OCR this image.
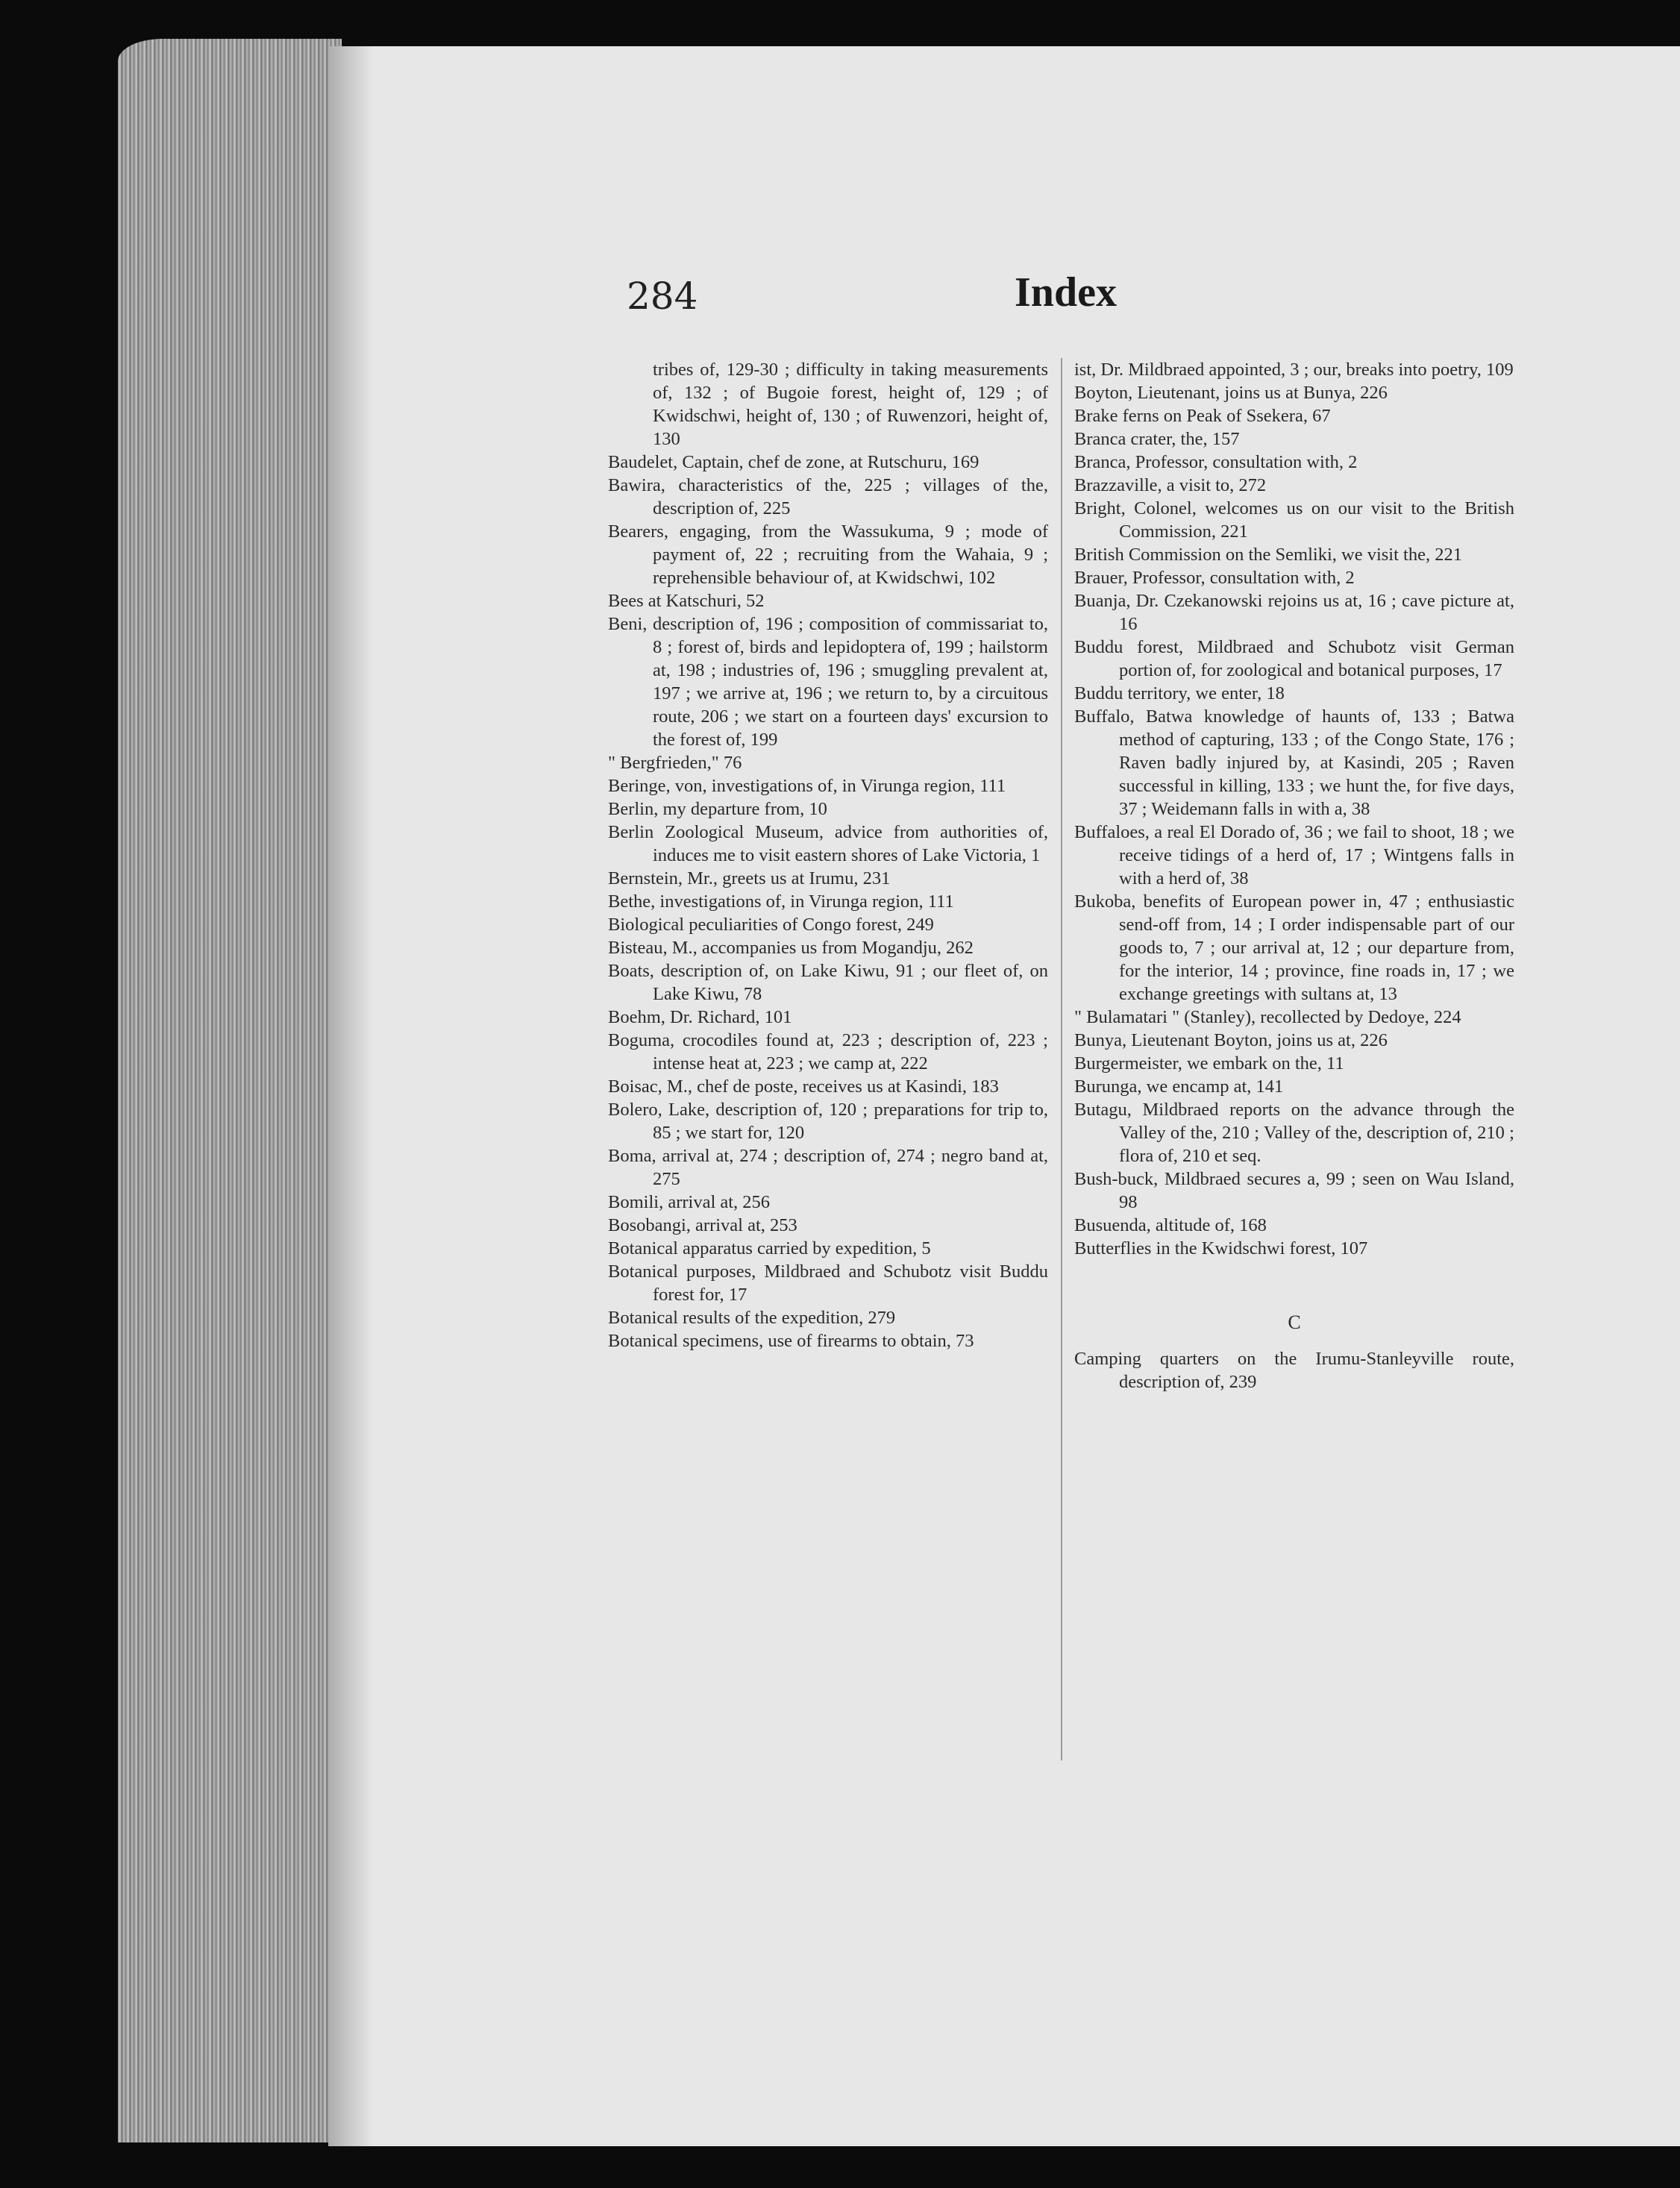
284	Index

tribes of, 129-30 ; difficulty in taking measurements of, 132 ; of Bugoie forest, height of, 129 ; of Kwidschwi, height of, 130 ; of Ruwenzori, height of, 130

Baudelet, Captain, chef de zone, at Rutschuru, 169

Bawira, characteristics of the, 225 ; villages of the, description of, 225

Bearers, engaging, from the Wassukuma, 9 ; mode of payment of, 22 ; recruiting from the Wahaia, 9 ; reprehensible behaviour of, at Kwidschwi, 102

Bees at Katschuri, 52

Beni, description of, 196 ; composition of commissariat to, 8 ; forest of, birds and lepidoptera of, 199 ; hailstorm at, 198 ; industries of, 196 ; smuggling prevalent at, 197 ; we arrive at, 196 ; we return to, by a circuitous route, 206 ; we start on a fourteen days' excursion to the forest of, 199

" Bergfrieden," 76

Beringe, von, investigations of, in Virunga region, 111

Berlin, my departure from, 10

Berlin Zoological Museum, advice from authorities of, induces me to visit eastern shores of Lake Victoria, 1

Bernstein, Mr., greets us at Irumu, 231

Bethe, investigations of, in Virunga region, 111

Biological peculiarities of Congo forest, 249

Bisteau, M., accompanies us from Mogandju, 262

Boats, description of, on Lake Kiwu, 91 ; our fleet of, on Lake Kiwu, 78

Boehm, Dr. Richard, 101

Boguma, crocodiles found at, 223 ; description of, 223 ; intense heat at, 223 ; we camp at, 222

Boisac, M., chef de poste, receives us at Kasindi, 183

Bolero, Lake, description of, 120 ; preparations for trip to, 85 ; we start for, 120

Boma, arrival at, 274 ; description of, 274 ; negro band at, 275

Bomili, arrival at, 256

Bosobangi, arrival at, 253

Botanical apparatus carried by expedition, 5

Botanical purposes, Mildbraed and Schubotz visit Buddu forest for, 17

Botanical results of the expedition, 279

Botanical specimens, use of firearms to obtain, 73

ist, Dr. Mildbraed appointed, 3 ; our, breaks into poetry, 109

Boyton, Lieutenant, joins us at Bunya, 226

Brake ferns on Peak of Ssekera, 67

Branca crater, the, 157

Branca, Professor, consultation with, 2

Brazzaville, a visit to, 272

Bright, Colonel, welcomes us on our visit to the British Commission, 221

British Commission on the Semliki, we visit the, 221

Brauer, Professor, consultation with, 2

Buanja, Dr. Czekanowski rejoins us at, 16 ; cave picture at, 16

Buddu forest, Mildbraed and Schubotz visit German portion of, for zoological and botanical purposes, 17

Buddu territory, we enter, 18

Buffalo, Batwa knowledge of haunts of, 133 ; Batwa method of capturing, 133 ; of the Congo State, 176 ; Raven badly injured by, at Kasindi, 205 ; Raven successful in killing, 133 ; we hunt the, for five days, 37 ; Weidemann falls in with a, 38

Buffaloes, a real El Dorado of, 36 ; we fail to shoot, 18 ; we receive tidings of a herd of, 17 ; Wintgens falls in with a herd of, 38

Bukoba, benefits of European power in, 47 ; enthusiastic send-off from, 14 ; I order indispensable part of our goods to, 7 ; our arrival at, 12 ; our departure from, for the interior, 14 ; province, fine roads in, 17 ; we exchange greetings with sultans at, 13

" Bulamatari " (Stanley), recollected by Dedoye, 224

Bunya, Lieutenant Boyton, joins us at, 226

Burgermeister, we embark on the, 11

Burunga, we encamp at, 141

Butagu, Mildbraed reports on the advance through the Valley of the, 210 ; Valley of the, description of, 210 ; flora of, 210 et seq.

Bush-buck, Mildbraed secures a, 99 ; seen on Wau Island, 98

Busuenda, altitude of, 168

Butterflies in the Kwidschwi forest, 107

C

Camping quarters on the Irumu-Stanleyville route, description of, 239
